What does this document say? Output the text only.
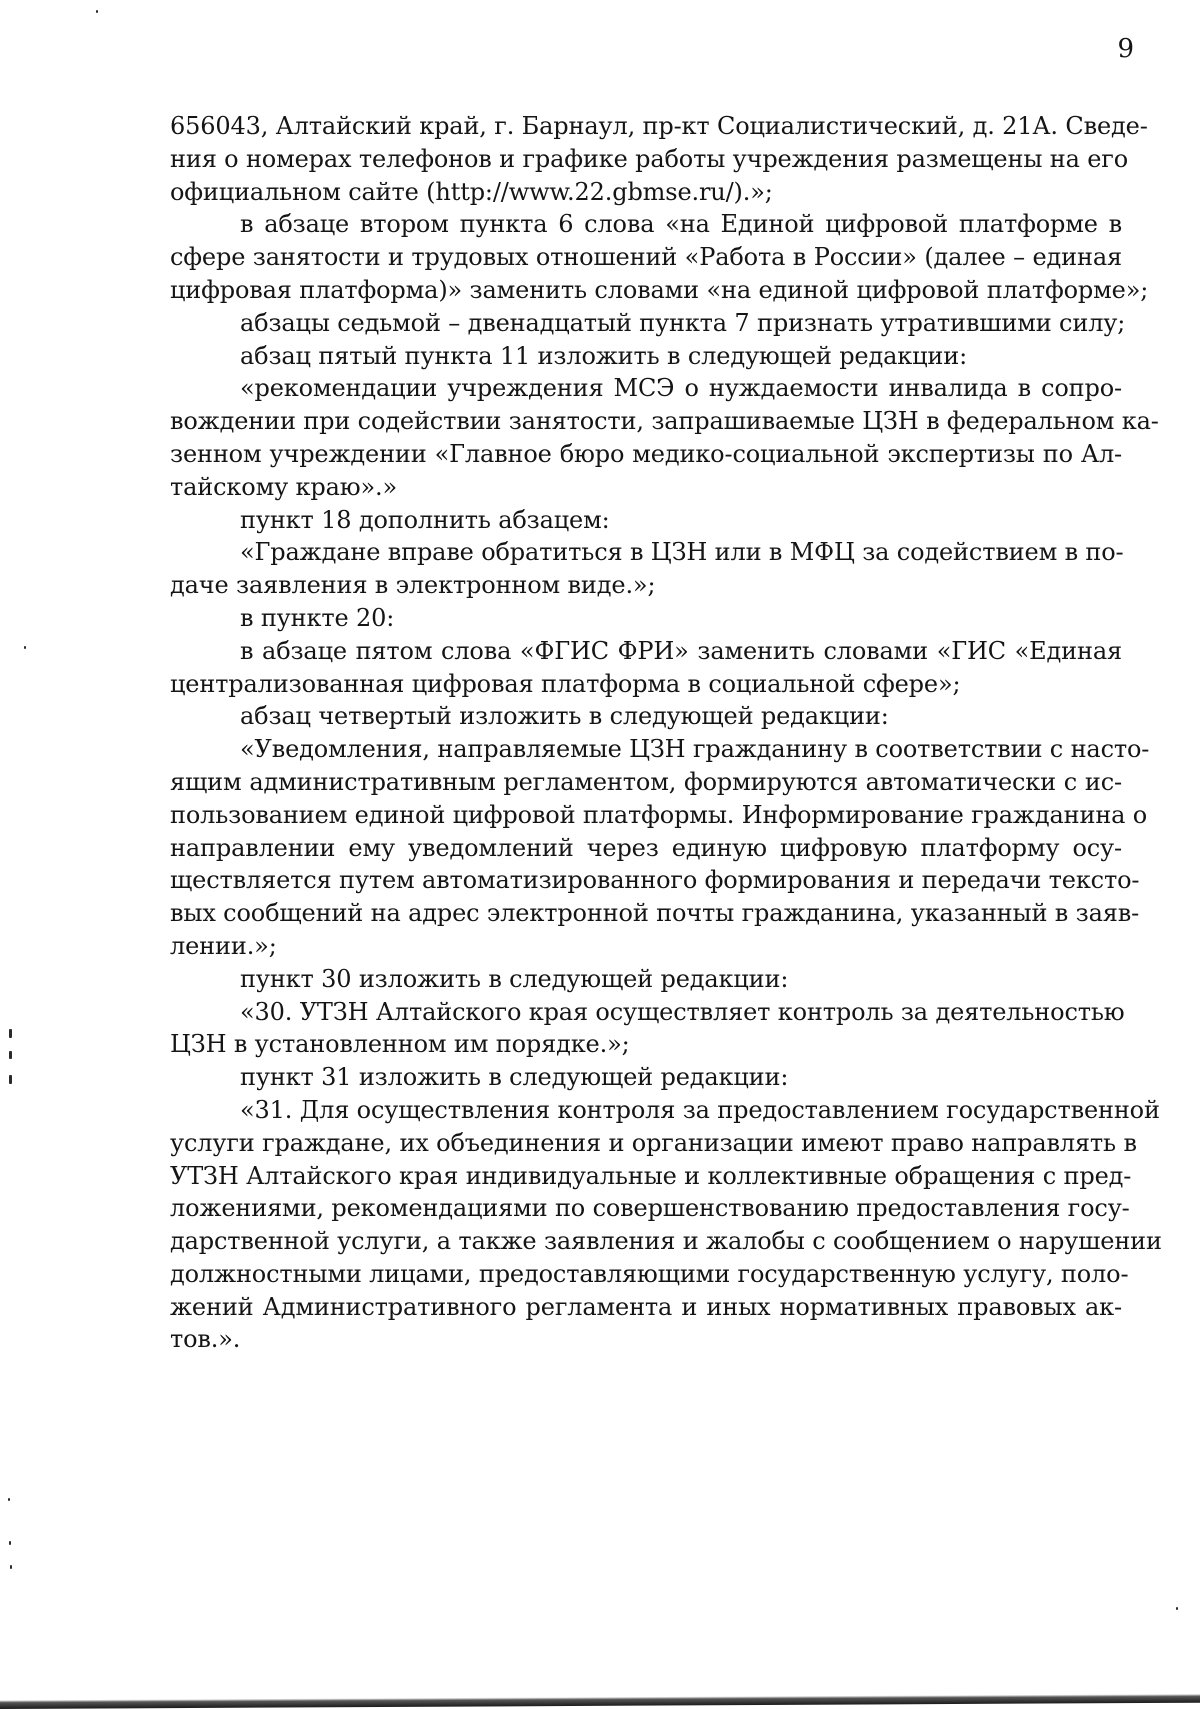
9
656043, Алтайский край, г. Барнаул, пр-кт Социалистический, д. 21А. Сведе-
ния о номерах телефонов и графике работы учреждения размещены на его
официальном сайте (http://www.22.gbmse.ru/).»;
в абзаце втором пункта 6 слова «на Единой цифровой платформе в
сфере занятости и трудовых отношений «Работа в России» (далее – единая
цифровая платформа)» заменить словами «на единой цифровой платформе»;
абзацы седьмой – двенадцатый пункта 7 признать утратившими силу;
абзац пятый пункта 11 изложить в следующей редакции:
«рекомендации учреждения МСЭ о нуждаемости инвалида в сопро-
вождении при содействии занятости, запрашиваемые ЦЗН в федеральном ка-
зенном учреждении «Главное бюро медико-социальной экспертизы по Ал-
тайскому краю».»
пункт 18 дополнить абзацем:
«Граждане вправе обратиться в ЦЗН или в МФЦ за содействием в по-
даче заявления в электронном виде.»;
в пункте 20:
в абзаце пятом слова «ФГИС ФРИ» заменить словами «ГИС «Единая
централизованная цифровая платформа в социальной сфере»;
абзац четвертый изложить в следующей редакции:
«Уведомления, направляемые ЦЗН гражданину в соответствии с насто-
ящим административным регламентом, формируются автоматически с ис-
пользованием единой цифровой платформы. Информирование гражданина о
направлении ему уведомлений через единую цифровую платформу осу-
ществляется путем автоматизированного формирования и передачи тексто-
вых сообщений на адрес электронной почты гражданина, указанный в заяв-
лении.»;
пункт 30 изложить в следующей редакции:
«30. УТЗН Алтайского края осуществляет контроль за деятельностью
ЦЗН в установленном им порядке.»;
пункт 31 изложить в следующей редакции:
«31. Для осуществления контроля за предоставлением государственной
услуги граждане, их объединения и организации имеют право направлять в
УТЗН Алтайского края индивидуальные и коллективные обращения с пред-
ложениями, рекомендациями по совершенствованию предоставления госу-
дарственной услуги, а также заявления и жалобы с сообщением о нарушении
должностными лицами, предоставляющими государственную услугу, поло-
жений Административного регламента и иных нормативных правовых ак-
тов.».
